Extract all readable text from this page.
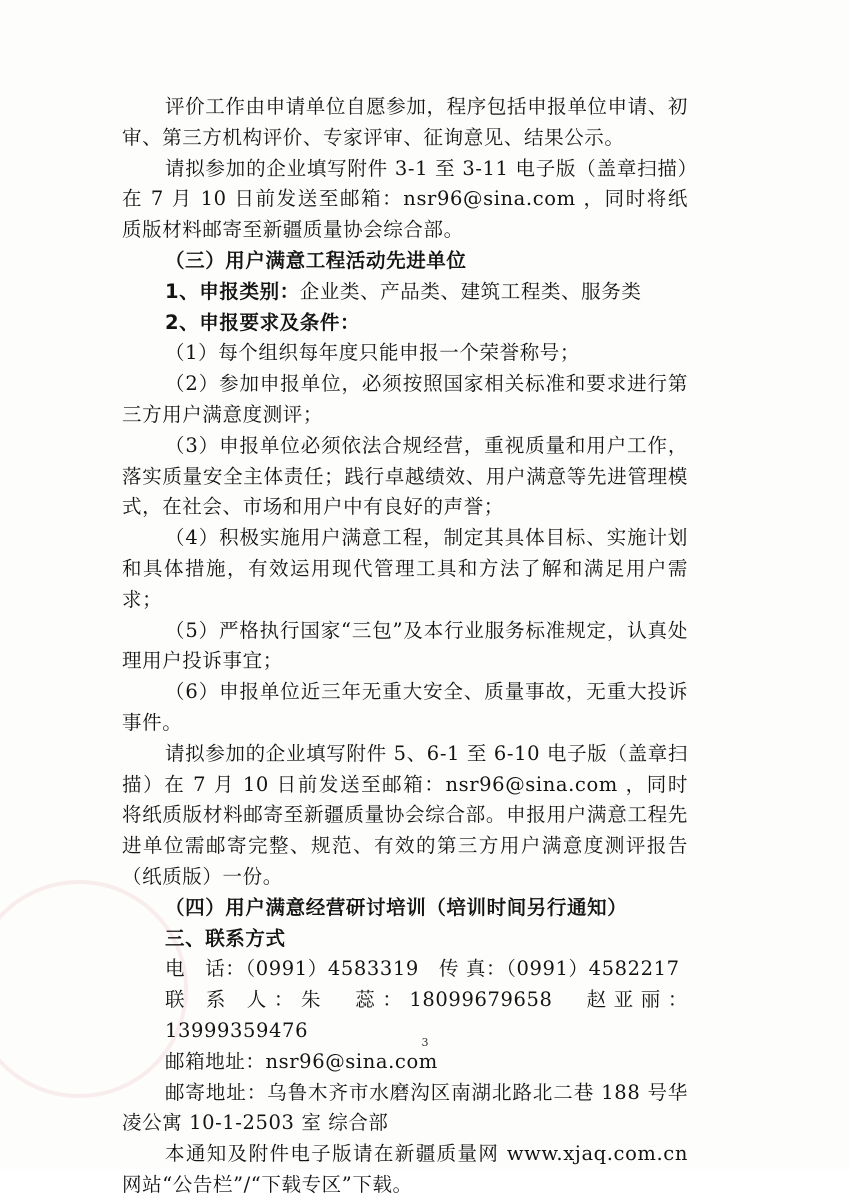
评价工作由申请单位自愿参加，程序包括申报单位申请、初审、第三方机构评价、专家评审、征询意见、结果公示。

请拟参加的企业填写附件 3-1 至 3-11 电子版（盖章扫描）在 7 月 10 日前发送至邮箱：nsr96@sina.com ，同时将纸质版材料邮寄至新疆质量协会综合部。

（三）用户满意工程活动先进单位

1、申报类别：企业类、产品类、建筑工程类、服务类

2、申报要求及条件：

（1）每个组织每年度只能申报一个荣誉称号；

（2）参加申报单位，必须按照国家相关标准和要求进行第三方用户满意度测评；

（3）申报单位必须依法合规经营，重视质量和用户工作，落实质量安全主体责任；践行卓越绩效、用户满意等先进管理模式，在社会、市场和用户中有良好的声誉；

（4）积极实施用户满意工程，制定其具体目标、实施计划和具体措施，有效运用现代管理工具和方法了解和满足用户需求；

（5）严格执行国家“三包”及本行业服务标准规定，认真处理用户投诉事宜；

（6）申报单位近三年无重大安全、质量事故，无重大投诉事件。

请拟参加的企业填写附件 5、6-1 至 6-10 电子版（盖章扫描）在 7 月 10 日前发送至邮箱：nsr96@sina.com ，同时将纸质版材料邮寄至新疆质量协会综合部。申报用户满意工程先进单位需邮寄完整、规范、有效的第三方用户满意度测评报告（纸质版）一份。

（四）用户满意经营研讨培训（培训时间另行通知）

三、联系方式

电　话：（0991）4583319　传 真：（0991）4582217

联 系 人：朱　蕊：18099679658　赵亚丽：13999359476

邮箱地址：nsr96@sina.com

邮寄地址：乌鲁木齐市水磨沟区南湖北路北二巷 188 号华凌公寓 10-1-2503 室 综合部

本通知及附件电子版请在新疆质量网 www.xjaq.com.cn 网站“公告栏”/“下载专区”下载。

3
